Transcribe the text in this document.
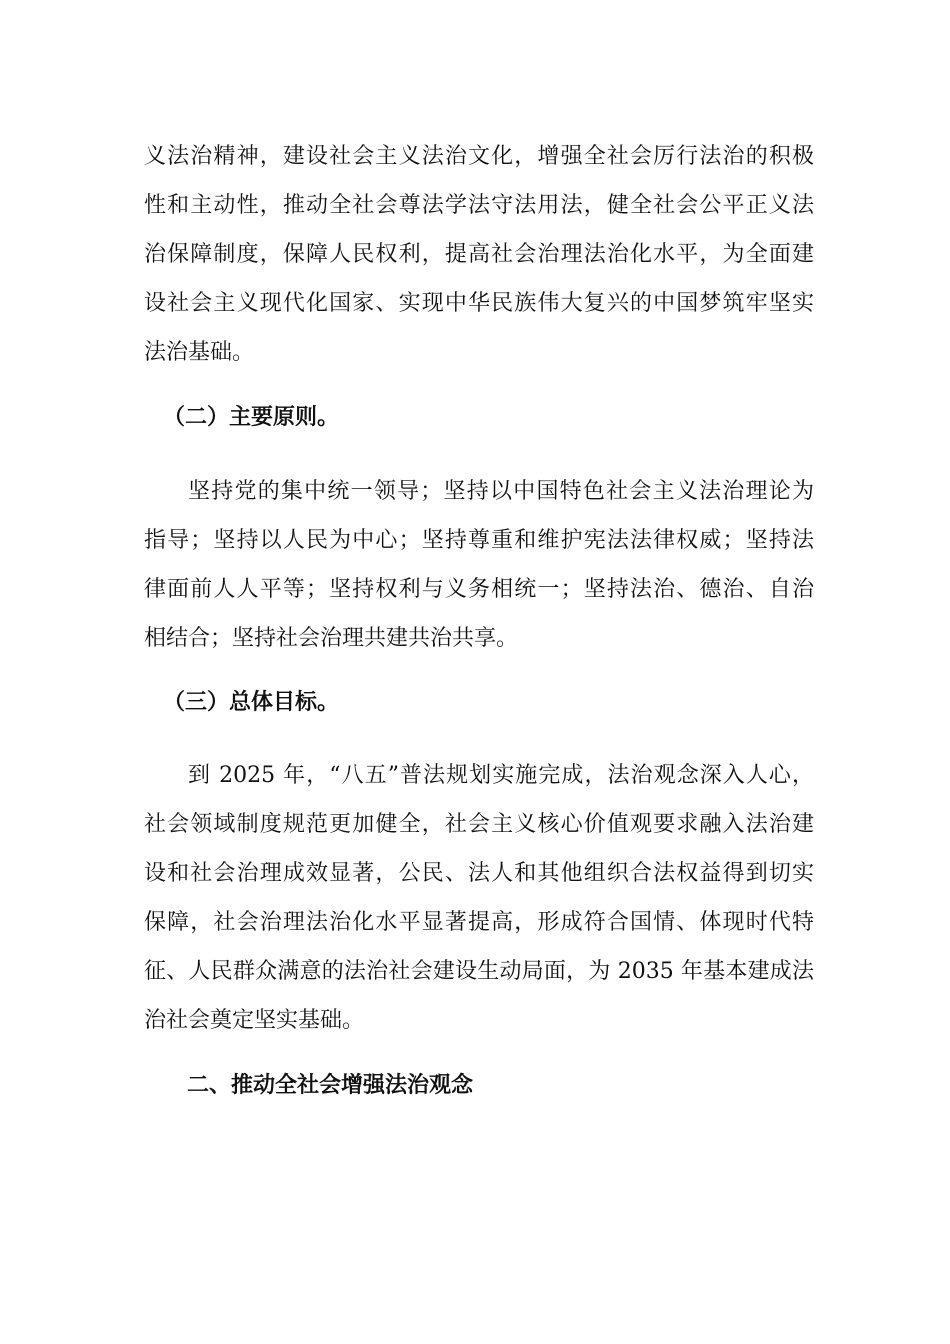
义法治精神，建设社会主义法治文化，增强全社会厉行法治的积极
性和主动性，推动全社会尊法学法守法用法，健全社会公平正义法
治保障制度，保障人民权利，提高社会治理法治化水平，为全面建
设社会主义现代化国家、实现中华民族伟大复兴的中国梦筑牢坚实
法治基础。
（二）主要原则。
坚持党的集中统一领导；坚持以中国特色社会主义法治理论为
指导；坚持以人民为中心；坚持尊重和维护宪法法律权威；坚持法
律面前人人平等；坚持权利与义务相统一；坚持法治、德治、自治
相结合；坚持社会治理共建共治共享。
（三）总体目标。
到 2025 年，“八五”普法规划实施完成，法治观念深入人心，
社会领域制度规范更加健全，社会主义核心价值观要求融入法治建
设和社会治理成效显著，公民、法人和其他组织合法权益得到切实
保障，社会治理法治化水平显著提高，形成符合国情、体现时代特
征、人民群众满意的法治社会建设生动局面，为 2035 年基本建成法
治社会奠定坚实基础。
二、推动全社会增强法治观念
